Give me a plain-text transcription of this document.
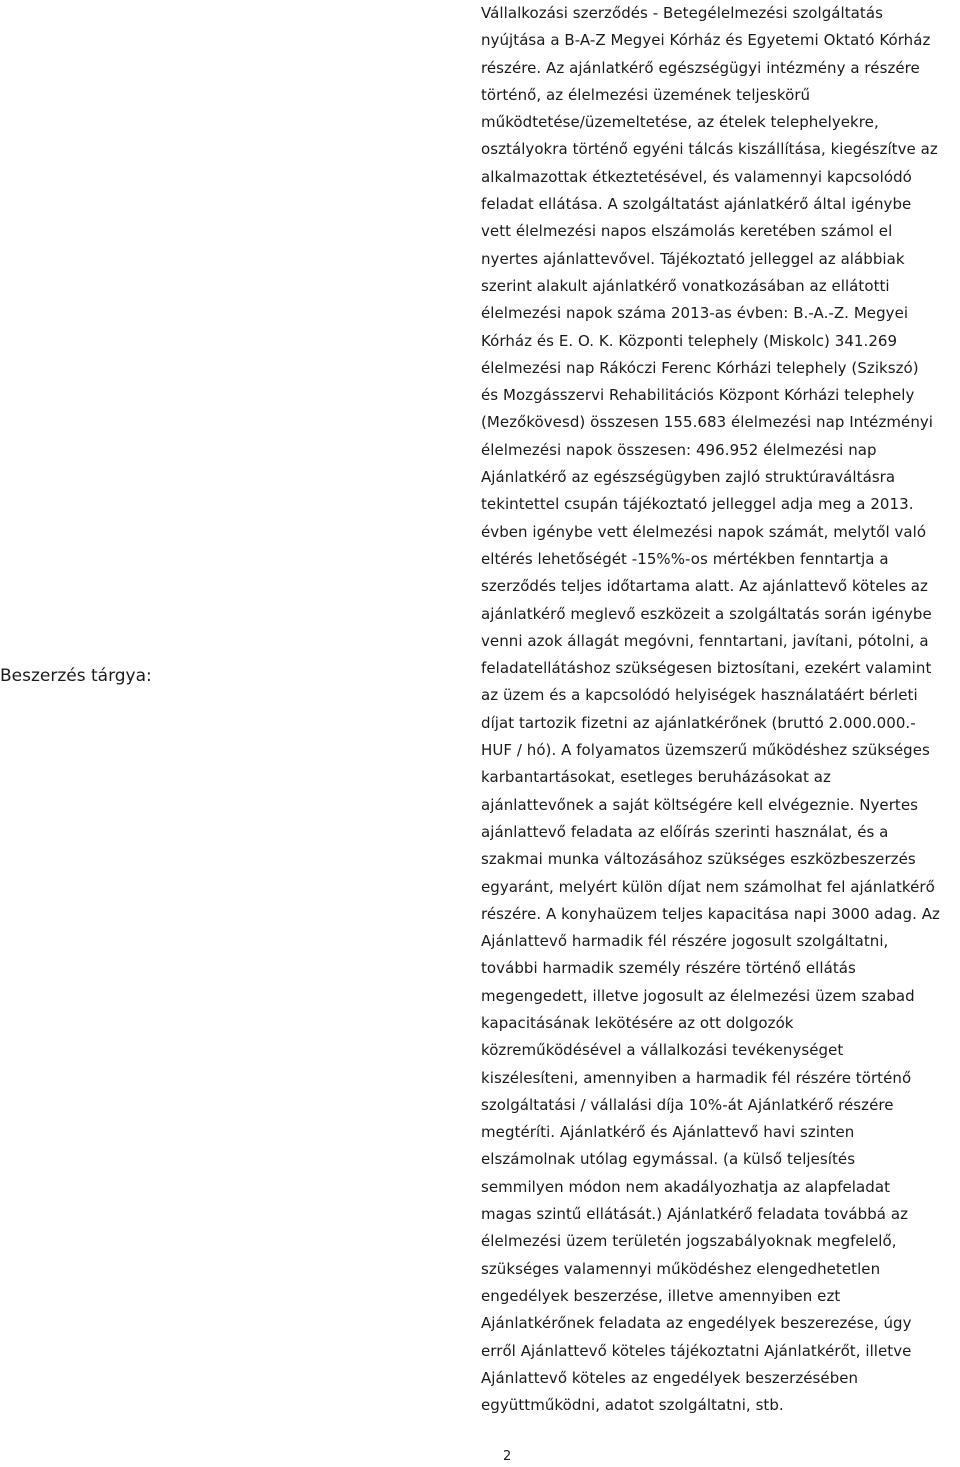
Beszerzés tárgya:
Vállalkozási szerződés - Betegélelmezési szolgáltatás
nyújtása a B-A-Z Megyei Kórház és Egyetemi Oktató Kórház
részére. Az ajánlatkérő egészségügyi intézmény a részére
történő, az élelmezési üzemének teljeskörű
működtetése/üzemeltetése, az ételek telephelyekre,
osztályokra történő egyéni tálcás kiszállítása, kiegészítve az
alkalmazottak étkeztetésével, és valamennyi kapcsolódó
feladat ellátása. A szolgáltatást ajánlatkérő által igénybe
vett élelmezési napos elszámolás keretében számol el
nyertes ajánlattevővel. Tájékoztató jelleggel az alábbiak
szerint alakult ajánlatkérő vonatkozásában az ellátotti
élelmezési napok száma 2013-as évben: B.-A.-Z. Megyei
Kórház és E. O. K. Központi telephely (Miskolc) 341.269
élelmezési nap Rákóczi Ferenc Kórházi telephely (Szikszó)
és Mozgásszervi Rehabilitációs Központ Kórházi telephely
(Mezőkövesd) összesen 155.683 élelmezési nap Intézményi
élelmezési napok összesen: 496.952 élelmezési nap
Ajánlatkérő az egészségügyben zajló struktúraváltásra
tekintettel csupán tájékoztató jelleggel adja meg a 2013.
évben igénybe vett élelmezési napok számát, melytől való
eltérés lehetőségét -15%%-os mértékben fenntartja a
szerződés teljes időtartama alatt. Az ajánlattevő köteles az
ajánlatkérő meglevő eszközeit a szolgáltatás során igénybe
venni azok állagát megóvni, fenntartani, javítani, pótolni, a
feladatellátáshoz szükségesen biztosítani, ezekért valamint
az üzem és a kapcsolódó helyiségek használatáért bérleti
díjat tartozik fizetni az ajánlatkérőnek (bruttó 2.000.000.-
HUF / hó). A folyamatos üzemszerű működéshez szükséges
karbantartásokat, esetleges beruházásokat az
ajánlattevőnek a saját költségére kell elvégeznie. Nyertes
ajánlattevő feladata az előírás szerinti használat, és a
szakmai munka változásához szükséges eszközbeszerzés
egyaránt, melyért külön díjat nem számolhat fel ajánlatkérő
részére. A konyhaüzem teljes kapacitása napi 3000 adag. Az
Ajánlattevő harmadik fél részére jogosult szolgáltatni,
további harmadik személy részére történő ellátás
megengedett, illetve jogosult az élelmezési üzem szabad
kapacitásának lekötésére az ott dolgozók
közreműködésével a vállalkozási tevékenységet
kiszélesíteni, amennyiben a harmadik fél részére történő
szolgáltatási / vállalási díja 10%-át Ajánlatkérő részére
megtéríti. Ajánlatkérő és Ajánlattevő havi szinten
elszámolnak utólag egymással. (a külső teljesítés
semmilyen módon nem akadályozhatja az alapfeladat
magas szintű ellátását.) Ajánlatkérő feladata továbbá az
élelmezési üzem területén jogszabályoknak megfelelő,
szükséges valamennyi működéshez elengedhetetlen
engedélyek beszerzése, illetve amennyiben ezt
Ajánlatkérőnek feladata az engedélyek beszerezése, úgy
erről Ajánlattevő köteles tájékoztatni Ajánlatkérőt, illetve
Ajánlattevő köteles az engedélyek beszerzésében
együttműködni, adatot szolgáltatni, stb.
2
